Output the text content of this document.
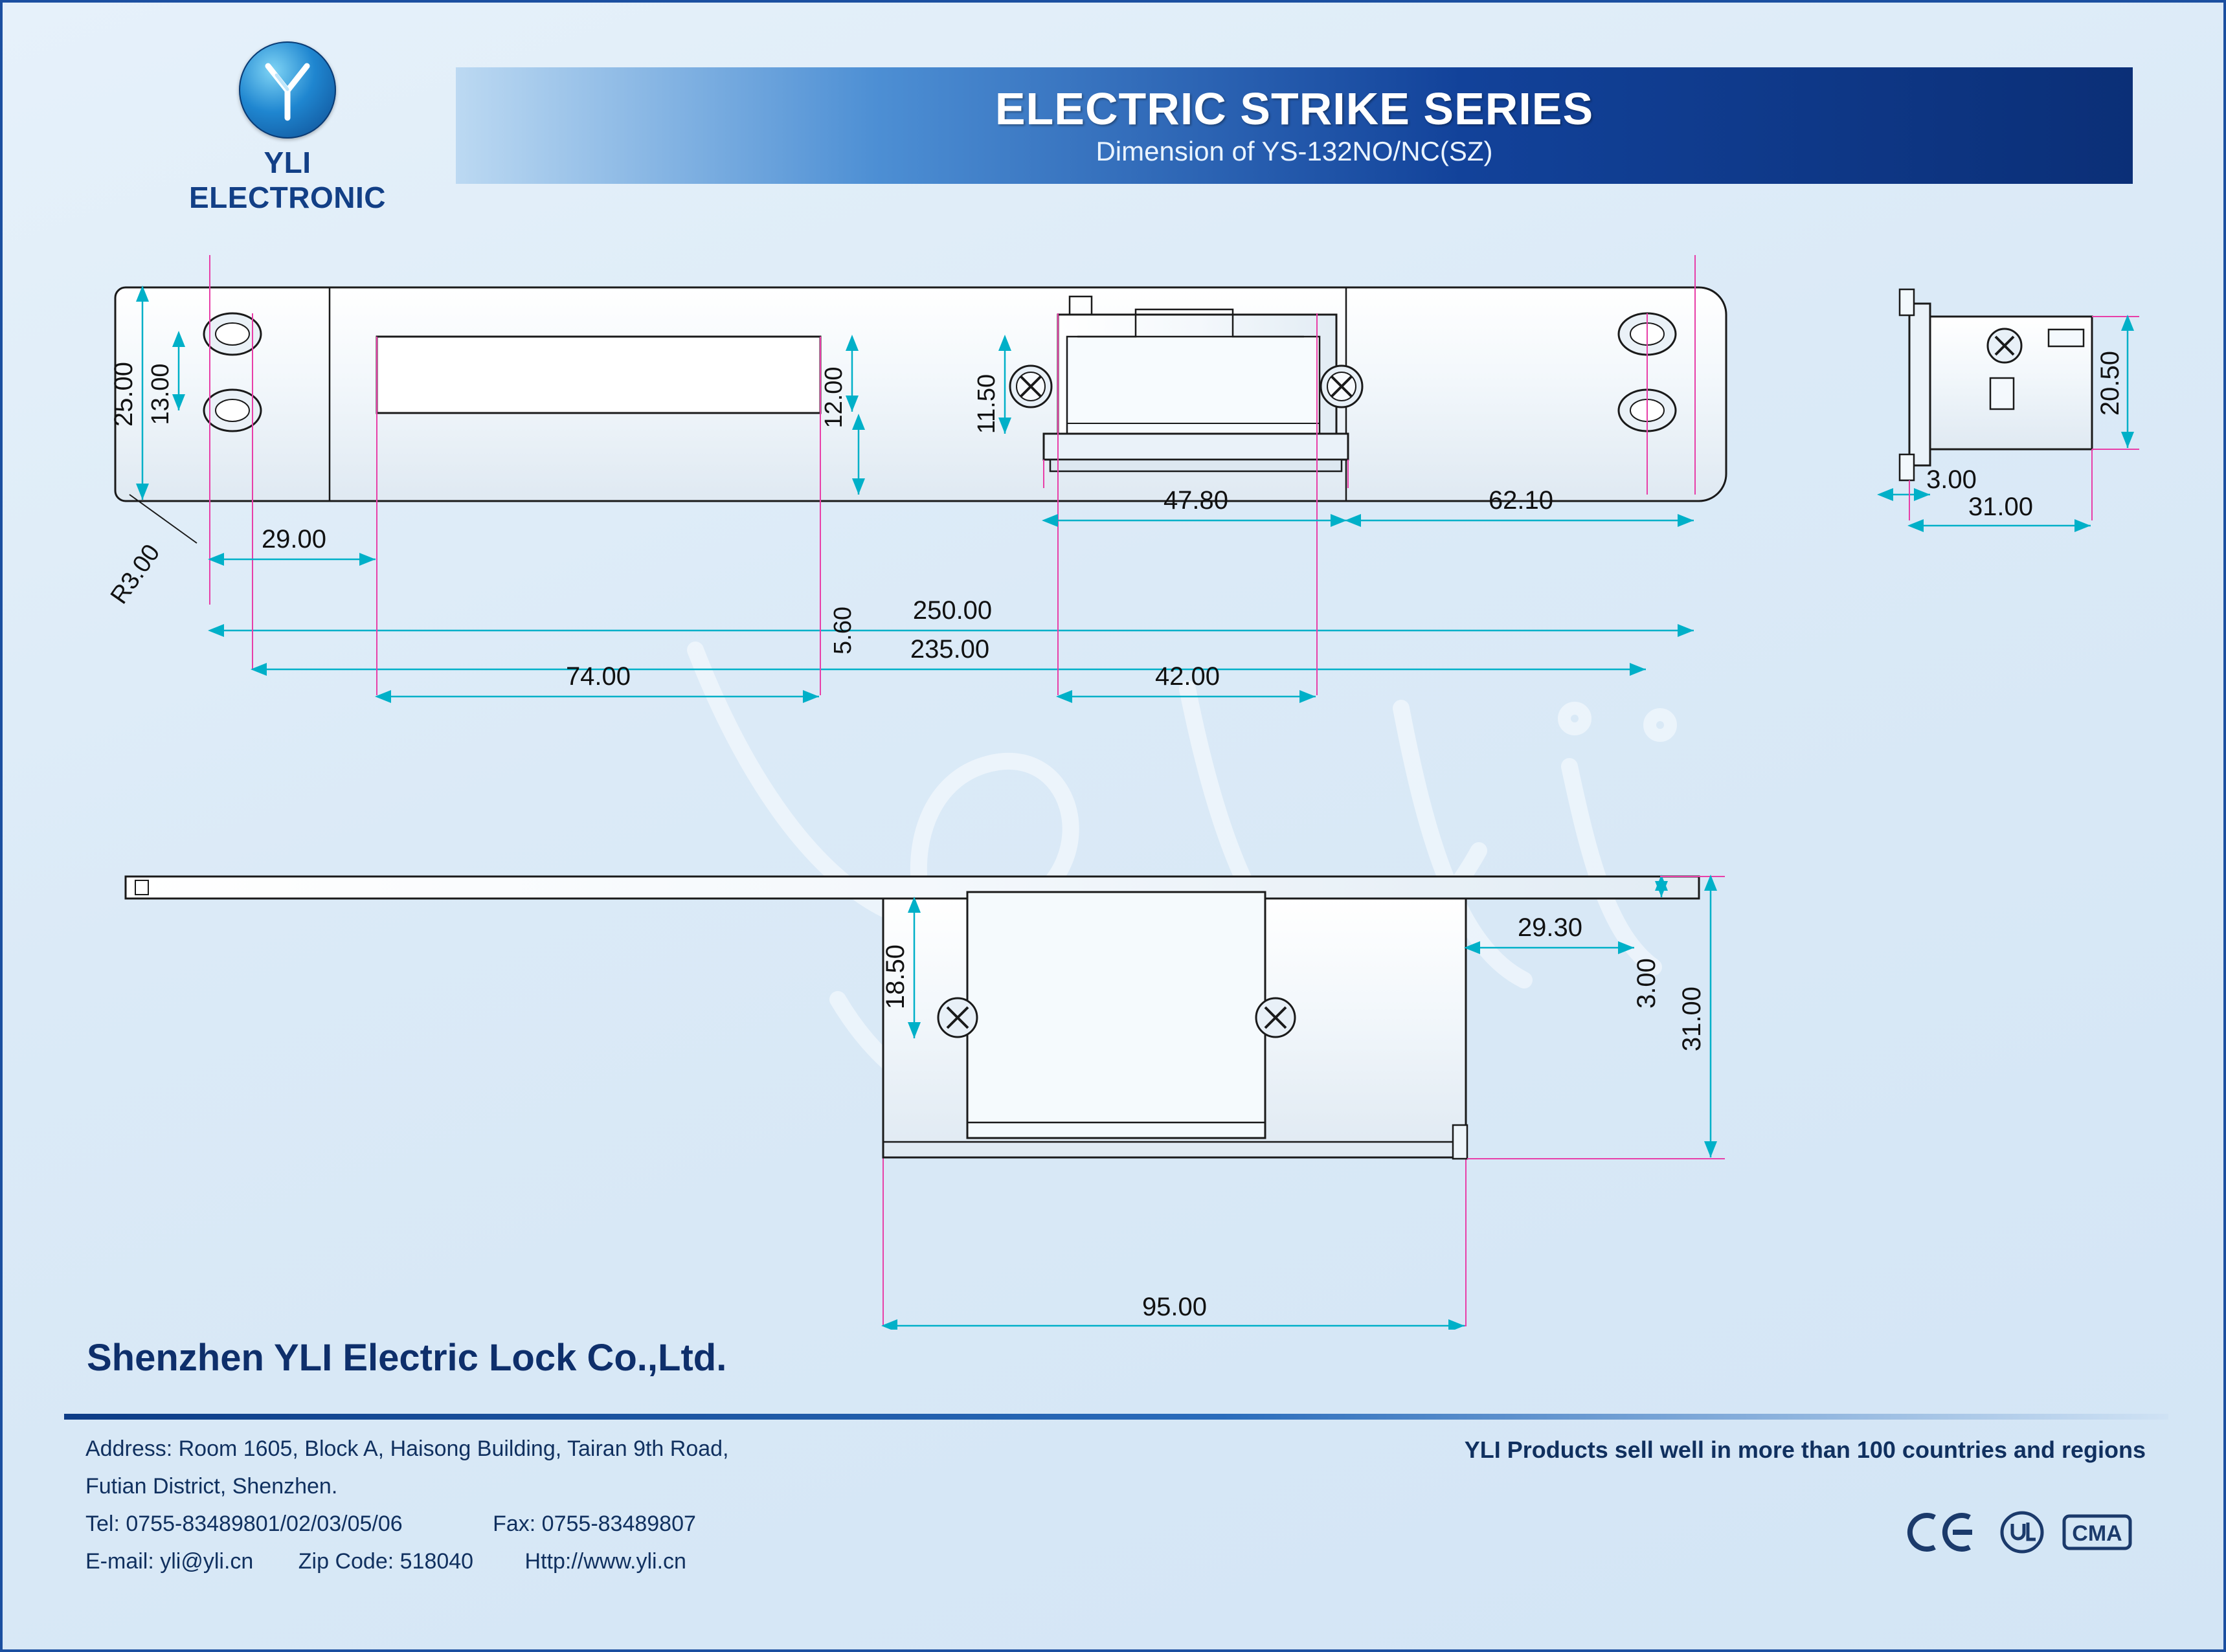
YLI ELECTRONIC
ELECTRIC STRIKE SERIES
Dimension of YS-132NO/NC(SZ)
250.00
235.00
74.00	42.00
25.00 13.00
R3.00
29.00
12.00
5.60
11.50
47.80	62.10
20.50
3.00
31.00
18.50
29.30
3.00
31.00
95.00
Shenzhen YLI Electric Lock Co.,Ltd.
Address: Room 1605, Block A, Haisong Building, Tairan 9th Road,
Futian District, Shenzhen.
Tel: 0755-83489801/02/03/05/06	Fax: 0755-83489807
E-mail: yli@yli.cn Zip Code: 518040 Http://www.yli.cn
YLI Products sell well in more than 100 countries and regions
CMA
